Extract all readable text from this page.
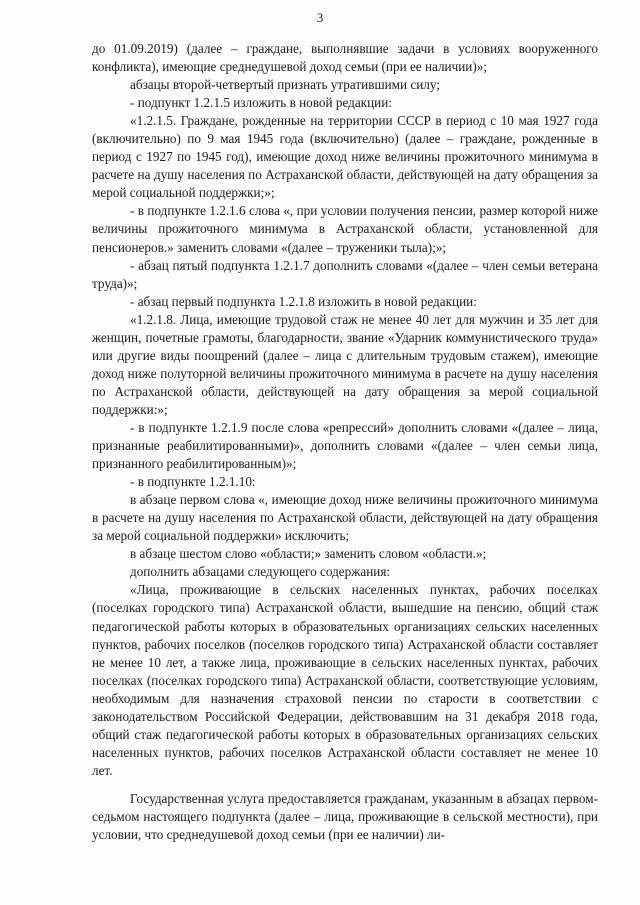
3

до 01.09.2019) (далее – граждане, выполнявшие задачи в условиях вооруженного конфликта), имеющие среднедушевой доход семьи (при ее наличии)»;

абзацы второй-четвертый признать утратившими силу;

- подпункт 1.2.1.5 изложить в новой редакции:

«1.2.1.5. Граждане, рожденные на территории СССР в период с 10 мая 1927 года (включительно) по 9 мая 1945 года (включительно) (далее – граждане, рожденные в период с 1927 по 1945 год), имеющие доход ниже величины прожиточного минимума в расчете на душу населения по Астраханской области, действующей на дату обращения за мерой социальной поддержки;»;

- в подпункте 1.2.1.6 слова «, при условии получения пенсии, размер которой ниже величины прожиточного минимума в Астраханской области, установленной для пенсионеров.» заменить словами «(далее – труженики тыла);»;

- абзац пятый подпункта 1.2.1.7 дополнить словами «(далее – член семьи ветерана труда)»;

- абзац первый подпункта 1.2.1.8 изложить в новой редакции:

«1.2.1.8. Лица, имеющие трудовой стаж не менее 40 лет для мужчин и 35 лет для женщин, почетные грамоты, благодарности, звание «Ударник коммунистического труда» или другие виды поощрений (далее – лица с длительным трудовым стажем), имеющие доход ниже полуторной величины прожиточного минимума в расчете на душу населения по Астраханской области, действующей на дату обращения за мерой социальной поддержки:»;

- в подпункте 1.2.1.9 после слова «репрессий» дополнить словами «(далее – лица, признанные реабилитированными)», дополнить словами «(далее – член семьи лица, признанного реабилитированным)»;

- в подпункте 1.2.1.10:

в абзаце первом слова «, имеющие доход ниже величины прожиточного минимума в расчете на душу населения по Астраханской области, действующей на дату обращения за мерой социальной поддержки» исключить;

в абзаце шестом слово «области;» заменить словом «области.»;

дополнить абзацами следующего содержания:

«Лица, проживающие в сельских населенных пунктах, рабочих поселках (поселках городского типа) Астраханской области, вышедшие на пенсию, общий стаж педагогической работы которых в образовательных организациях сельских населенных пунктов, рабочих поселков (поселков городского типа) Астраханской области составляет не менее 10 лет, а также лица, проживающие в сельских населенных пунктах, рабочих поселках (поселках городского типа) Астраханской области, соответствующие условиям, необходимым для назначения страховой пенсии по старости в соответствии с законодательством Российской Федерации, действовавшим на 31 декабря 2018 года, общий стаж педагогической работы которых в образовательных организациях сельских населенных пунктов, рабочих поселков Астраханской области составляет не менее 10 лет.

Государственная услуга предоставляется гражданам, указанным в абзацах первом-седьмом настоящего подпункта (далее – лица, проживающие в сельской местности), при условии, что среднедушевой доход семьи (при ее наличии) ли-
